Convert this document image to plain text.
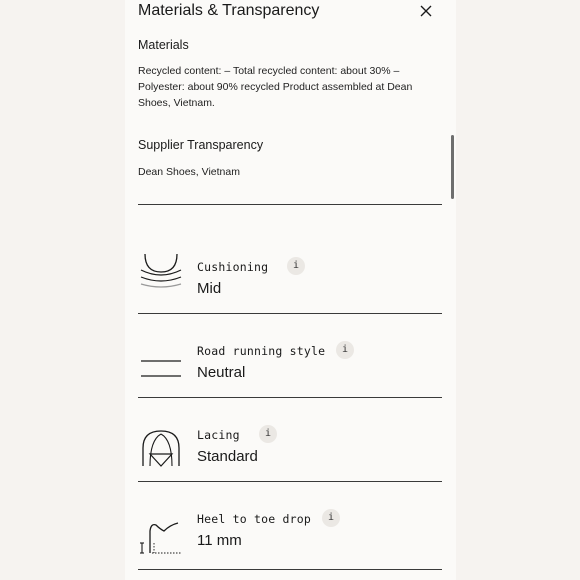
Materials & Transparency
Materials
Recycled content: – Total recycled content: about 30% – Polyester: about 90% recycled Product assembled at Dean Shoes, Vietnam.
Supplier Transparency
Dean Shoes, Vietnam
Cushioning	i
Mid
Road running style	i
Neutral
Lacing	i
Standard
Heel to toe drop	i
11 mm
